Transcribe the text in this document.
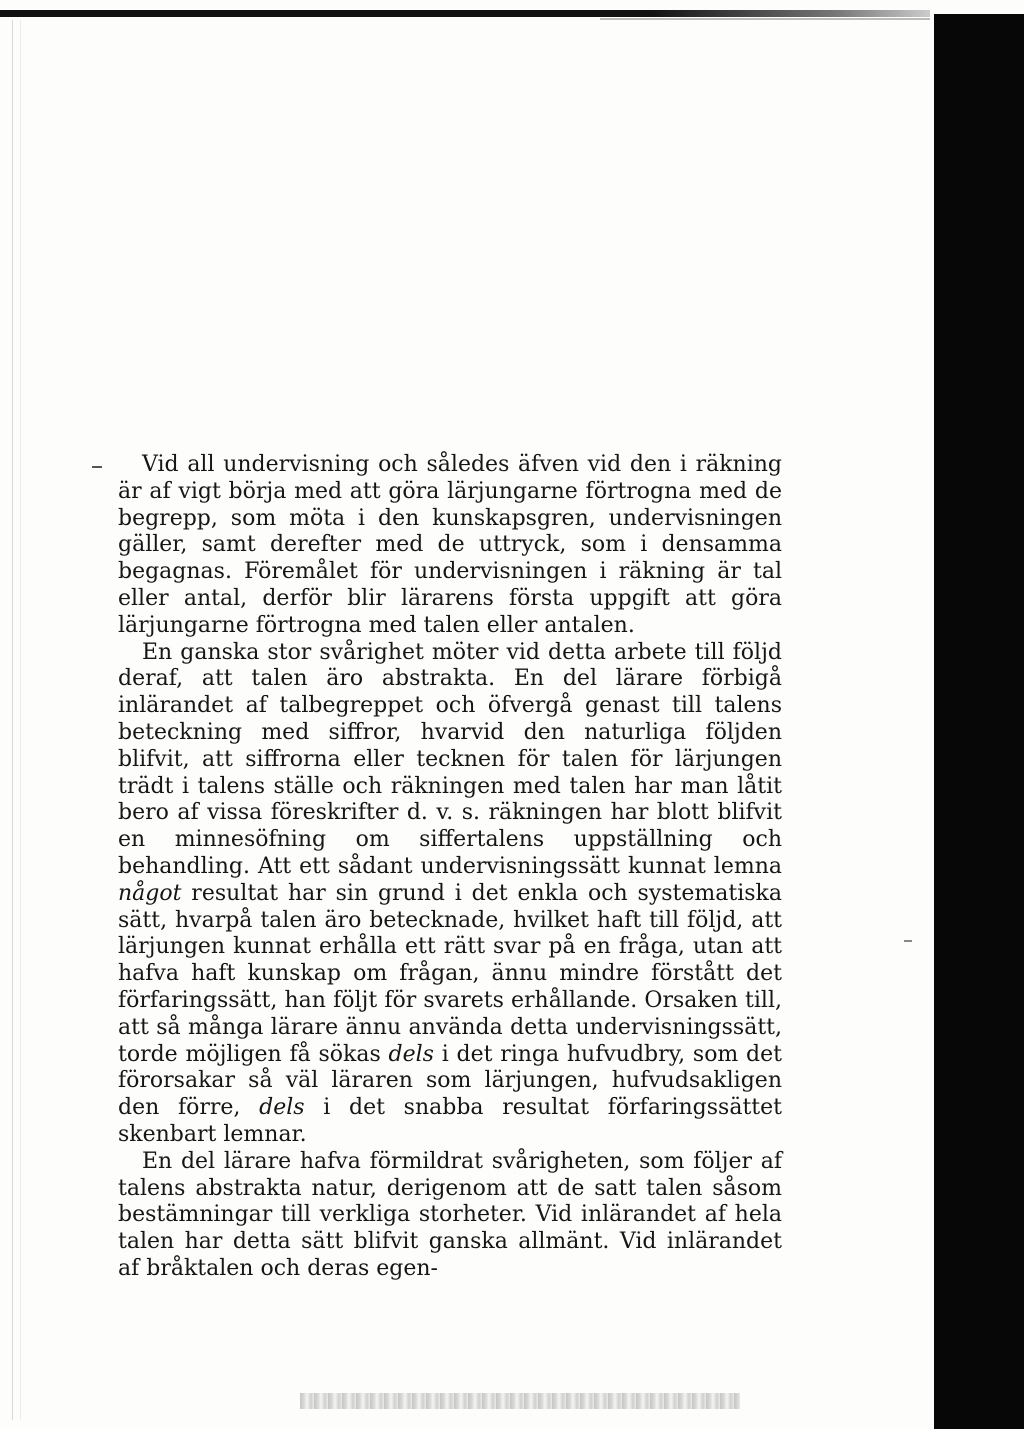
Vid all undervisning och således äfven vid den i räkning är af vigt börja med att göra lärjungarne förtrogna med de begrepp, som möta i den kunskapsgren, undervisningen gäller, samt derefter med de uttryck, som i densamma begagnas. Föremålet för undervisningen i räkning är tal eller antal, derför blir lärarens första uppgift att göra lärjungarne förtrogna med talen eller antalen.

En ganska stor svårighet möter vid detta arbete till följd deraf, att talen äro abstrakta. En del lärare förbigå inlärandet af talbegreppet och öfvergå genast till talens beteckning med siffror, hvarvid den naturliga följden blifvit, att siffrorna eller tecknen för talen för lärjungen trädt i talens ställe och räkningen med talen har man låtit bero af vissa föreskrifter d. v. s. räkningen har blott blifvit en minnesöfning om siffertalens uppställning och behandling. Att ett sådant undervisningssätt kunnat lemna något resultat har sin grund i det enkla och systematiska sätt, hvarpå talen äro betecknade, hvilket haft till följd, att lärjungen kunnat erhålla ett rätt svar på en fråga, utan att hafva haft kunskap om frågan, ännu mindre förstått det förfaringssätt, han följt för svarets erhållande. Orsaken till, att så många lärare ännu använda detta undervisningssätt, torde möjligen få sökas dels i det ringa hufvudbry, som det förorsakar så väl läraren som lärjungen, hufvudsakligen den förre, dels i det snabba resultat förfaringssättet skenbart lemnar.

En del lärare hafva förmildrat svårigheten, som följer af talens abstrakta natur, derigenom att de satt talen såsom bestämningar till verkliga storheter. Vid inlärandet af hela talen har detta sätt blifvit ganska allmänt. Vid inlärandet af bråktalen och deras egen-
